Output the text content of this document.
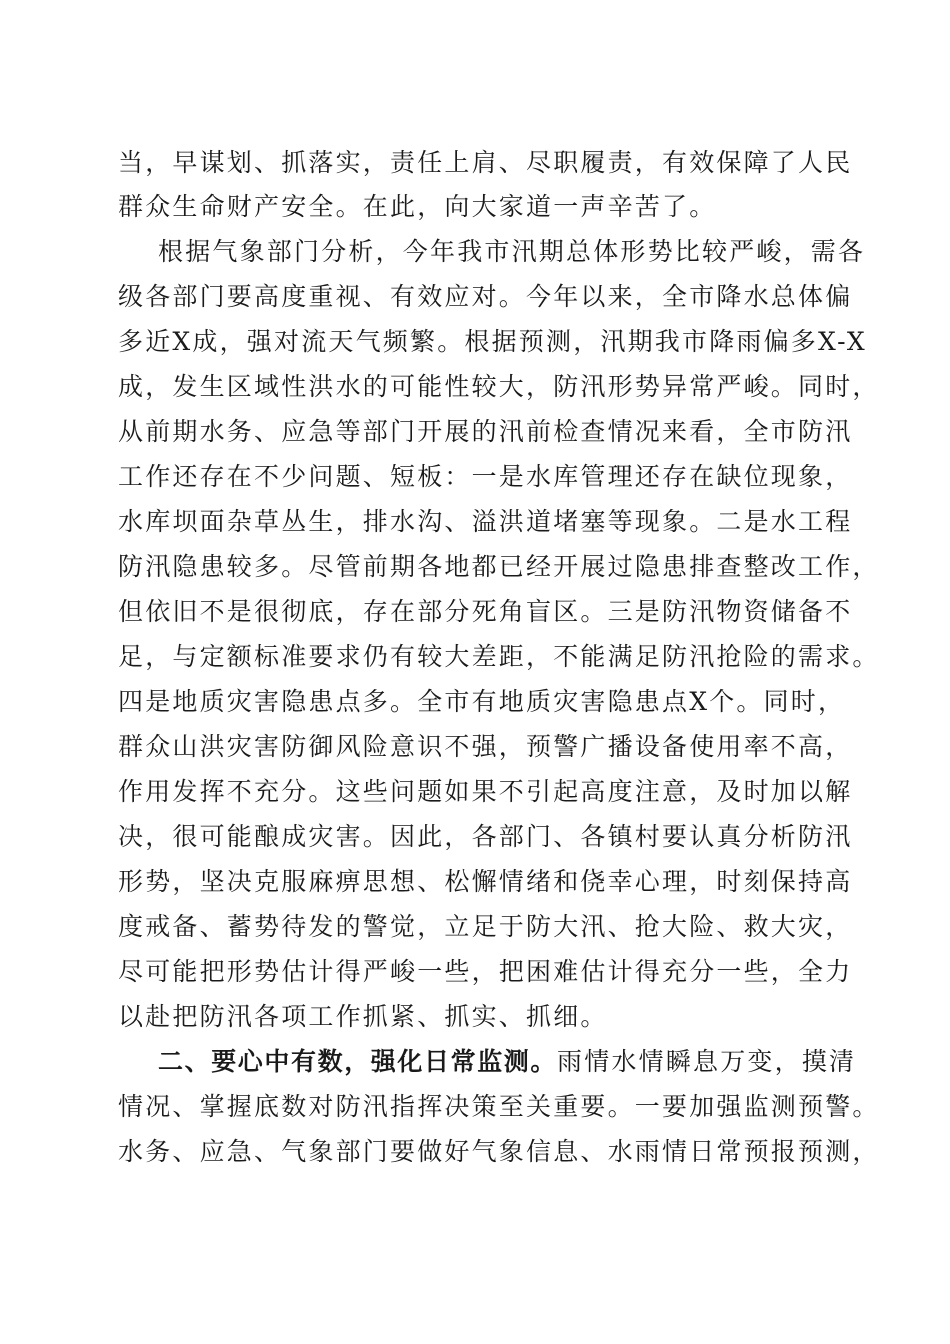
当，早谋划、抓落实，责任上肩、尽职履责，有效保障了人民
群众生命财产安全。在此，向大家道一声辛苦了。
根据气象部门分析，今年我市汛期总体形势比较严峻，需各
级各部门要高度重视、有效应对。今年以来，全市降水总体偏
多近X成，强对流天气频繁。根据预测，汛期我市降雨偏多X-X
成，发生区域性洪水的可能性较大，防汛形势异常严峻。同时，
从前期水务、应急等部门开展的汛前检查情况来看，全市防汛
工作还存在不少问题、短板：一是水库管理还存在缺位现象，
水库坝面杂草丛生，排水沟、溢洪道堵塞等现象。二是水工程
防汛隐患较多。尽管前期各地都已经开展过隐患排查整改工作，
但依旧不是很彻底，存在部分死角盲区。三是防汛物资储备不
足，与定额标准要求仍有较大差距，不能满足防汛抢险的需求。
四是地质灾害隐患点多。全市有地质灾害隐患点X个。同时，
群众山洪灾害防御风险意识不强，预警广播设备使用率不高，
作用发挥不充分。这些问题如果不引起高度注意，及时加以解
决，很可能酿成灾害。因此，各部门、各镇村要认真分析防汛
形势，坚决克服麻痹思想、松懈情绪和侥幸心理，时刻保持高
度戒备、蓄势待发的警觉，立足于防大汛、抢大险、救大灾，
尽可能把形势估计得严峻一些，把困难估计得充分一些，全力
以赴把防汛各项工作抓紧、抓实、抓细。
二、要心中有数，强化日常监测。雨情水情瞬息万变，摸清
情况、掌握底数对防汛指挥决策至关重要。一要加强监测预警。
水务、应急、气象部门要做好气象信息、水雨情日常预报预测，
